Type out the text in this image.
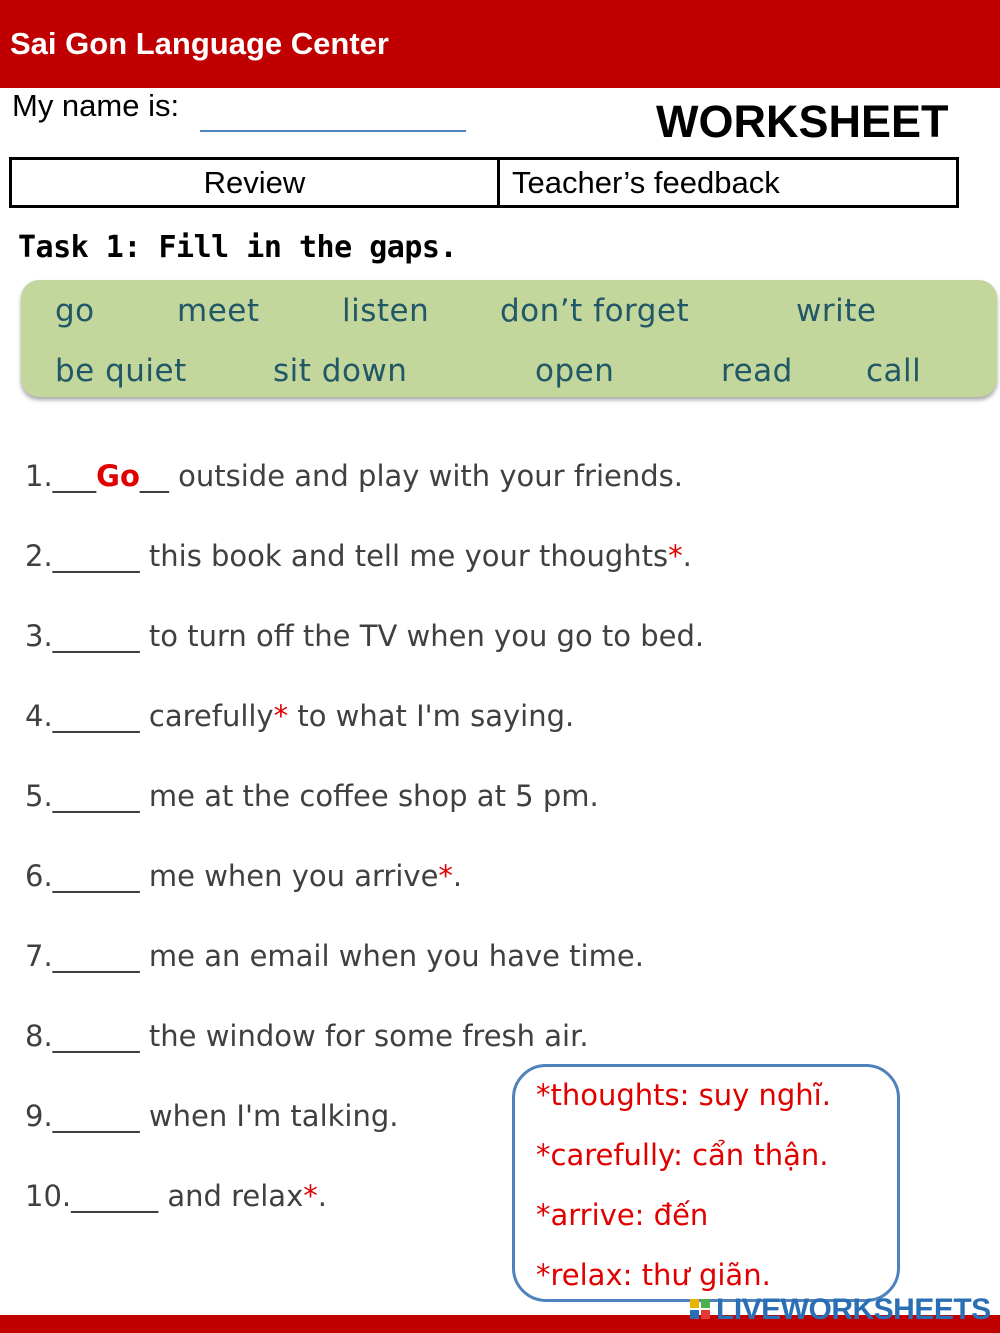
Sai Gon Language Center
My name is:	WORKSHEET
Review	Teacher’s feedback
Task 1: Fill in the gaps.
go	meet	listen don’t forget	write
be quiet	sit down	open	read call
1.___Go__ outside and play with your friends.
2.______ this book and tell me your thoughts*.
3.______ to turn off the TV when you go to bed.
4.______ carefully* to what I'm saying.
5.______ me at the coffee shop at 5 pm.
6.______ me when you arrive*.
7.______ me an email when you have time.
8.______ the window for some fresh air.
9.______ when I'm talking.
10.______ and relax*.
*thoughts: suy nghĩ.
*carefully: cẩn thận.
*arrive: đến
*relax: thư giãn.
LIVEWORKSHEETS
